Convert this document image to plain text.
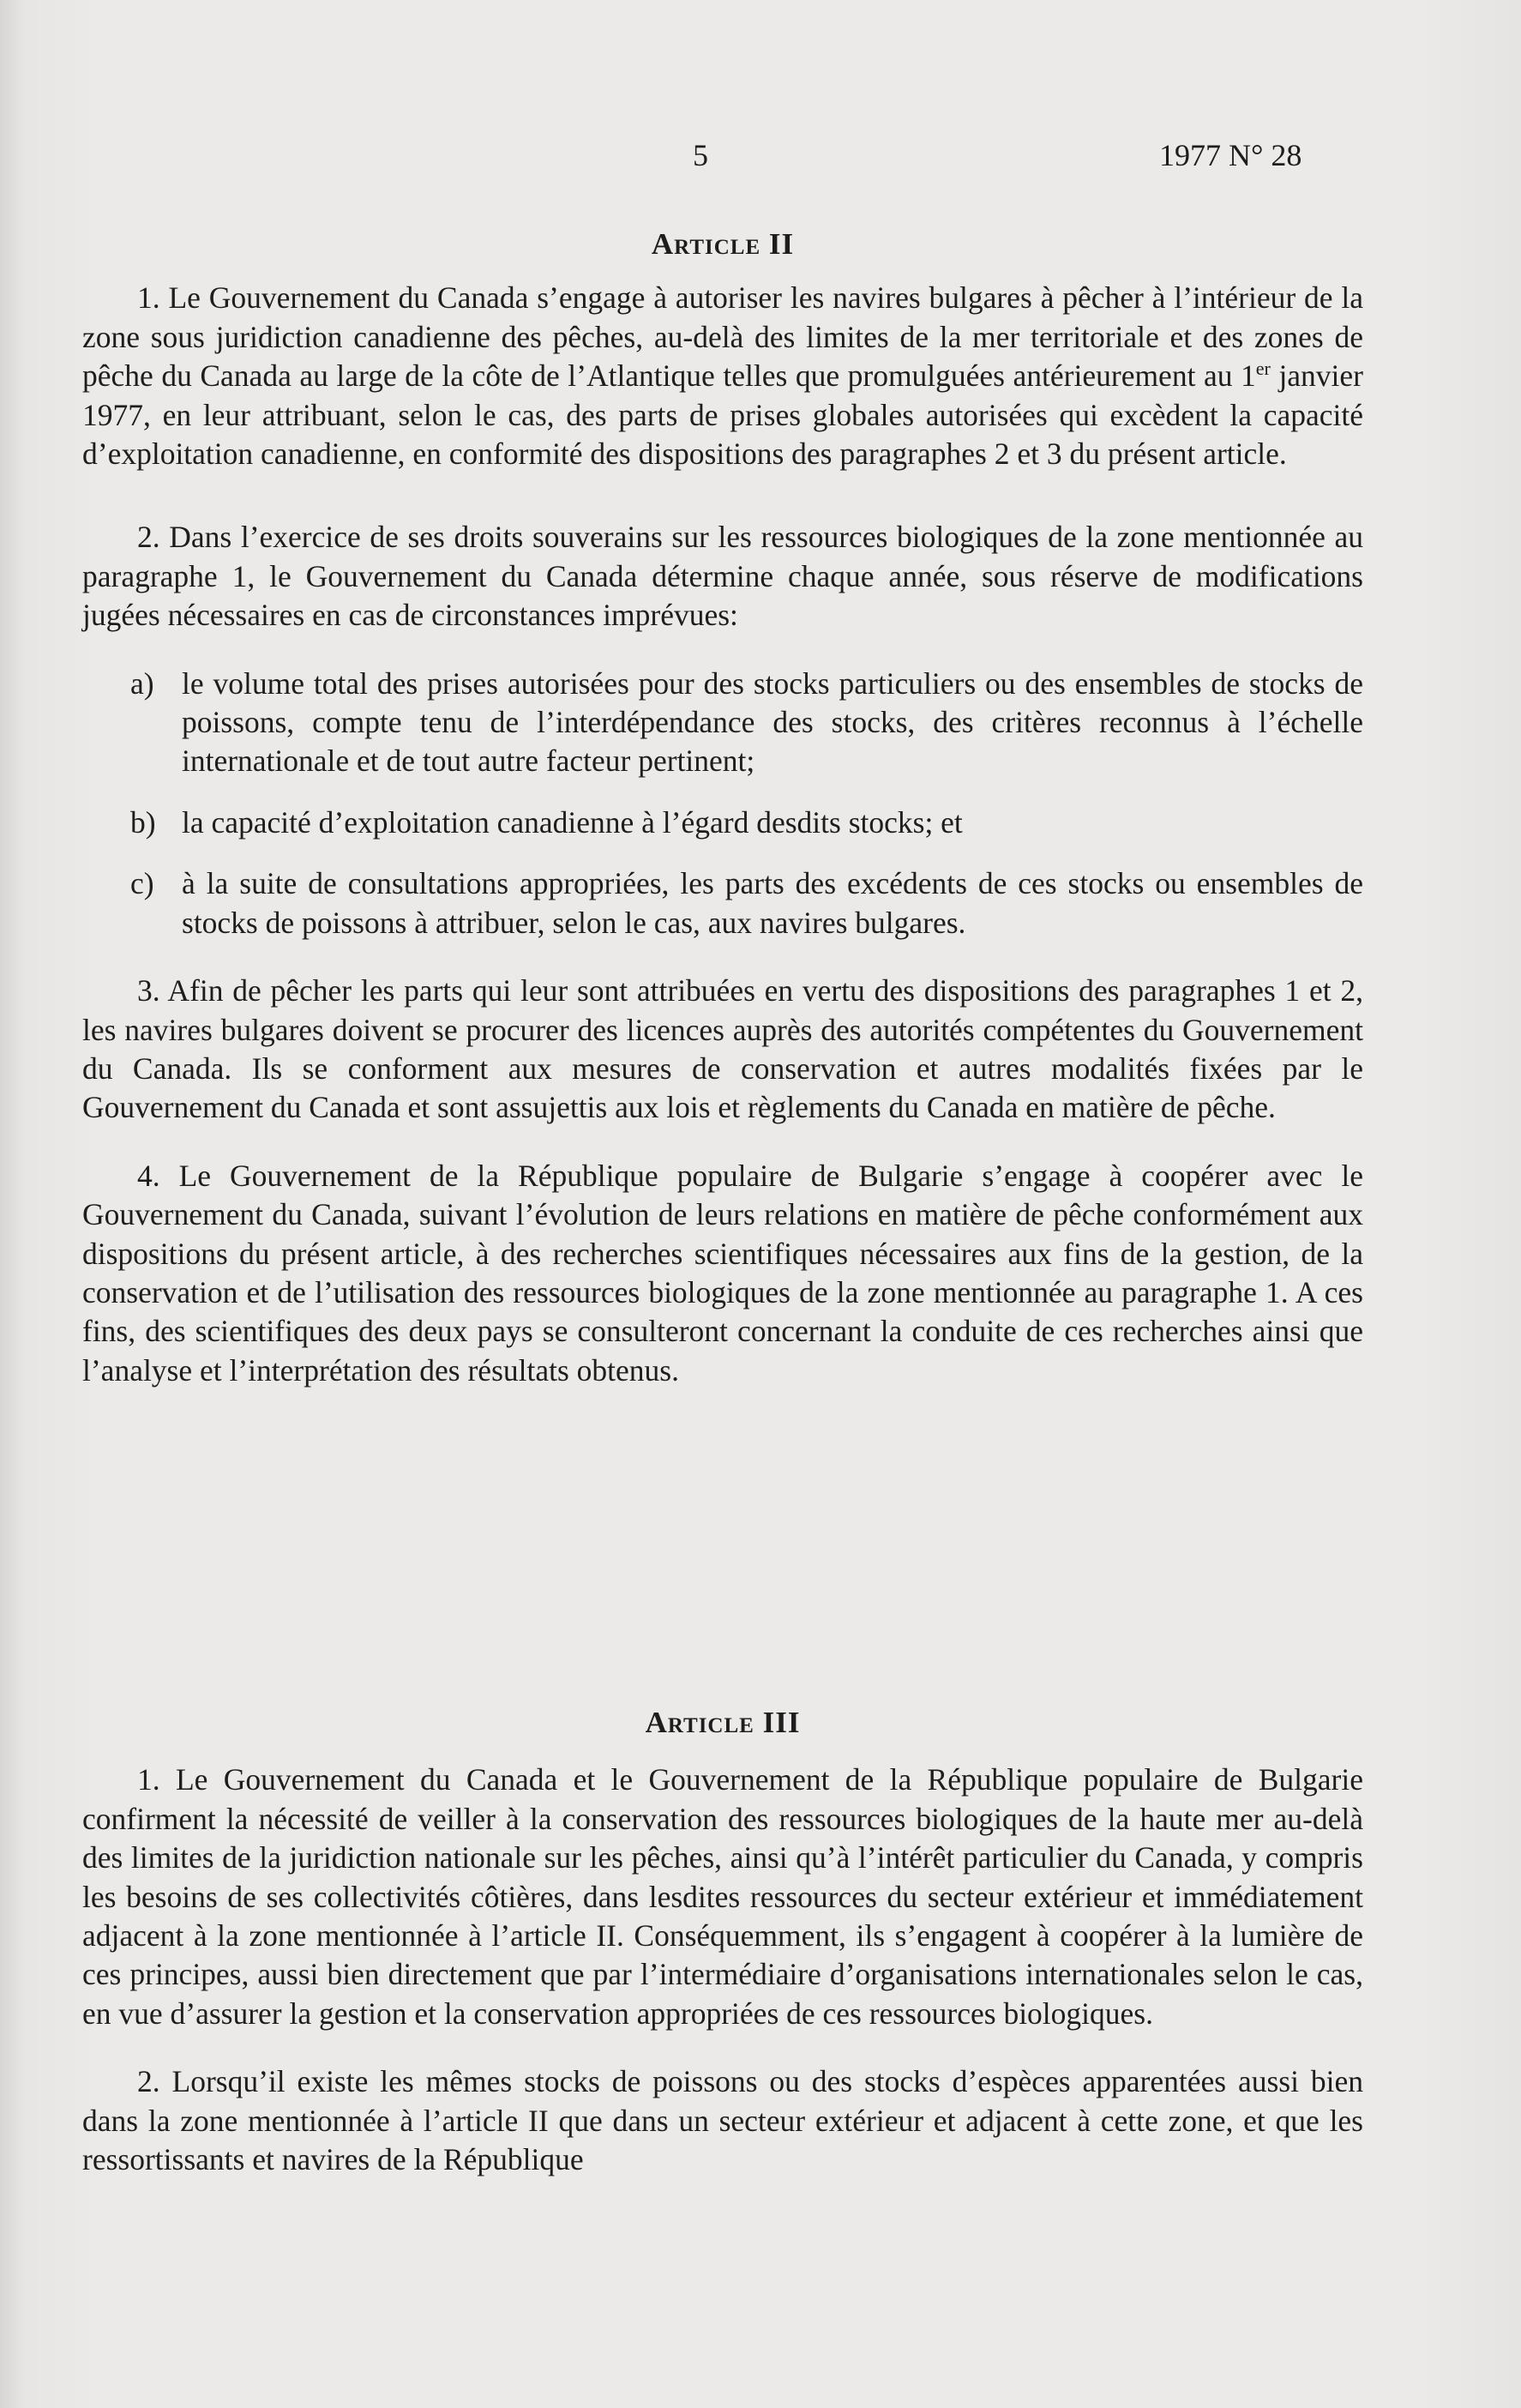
5	1977 N° 28
Article II

1. Le Gouvernement du Canada s’engage à autoriser les navires bulgares à pêcher à l’intérieur de la zone sous juridiction canadienne des pêches, au-delà des limites de la mer territoriale et des zones de pêche du Canada au large de la côte de l’Atlantique telles que promulguées antérieurement au 1er janvier 1977, en leur attribuant, selon le cas, des parts de prises globales autorisées qui excèdent la capacité d’exploitation canadienne, en conformité des dispositions des paragraphes 2 et 3 du présent article.

2. Dans l’exercice de ses droits souverains sur les ressources biologiques de la zone mentionnée au paragraphe 1, le Gouvernement du Canada détermine chaque année, sous réserve de modifications jugées nécessaires en cas de circonstances imprévues:

a) le volume total des prises autorisées pour des stocks particuliers ou des ensembles de stocks de poissons, compte tenu de l’interdépendance des stocks, des critères reconnus à l’échelle internationale et de tout autre facteur pertinent;
b) la capacité d’exploitation canadienne à l’égard desdits stocks; et
c) à la suite de consultations appropriées, les parts des excédents de ces stocks ou ensembles de stocks de poissons à attribuer, selon le cas, aux navires bulgares.

3. Afin de pêcher les parts qui leur sont attribuées en vertu des dispositions des paragraphes 1 et 2, les navires bulgares doivent se procurer des licences auprès des autorités compétentes du Gouvernement du Canada. Ils se conforment aux mesures de conservation et autres modalités fixées par le Gouvernement du Canada et sont assujettis aux lois et règlements du Canada en matière de pêche.

4. Le Gouvernement de la République populaire de Bulgarie s’engage à coopérer avec le Gouvernement du Canada, suivant l’évolution de leurs relations en matière de pêche conformément aux dispositions du présent article, à des recherches scientifiques nécessaires aux fins de la gestion, de la conservation et de l’utilisation des ressources biologiques de la zone mentionnée au paragraphe 1. A ces fins, des scientifiques des deux pays se consulteront concernant la conduite de ces recherches ainsi que l’analyse et l’interprétation des résultats obtenus.

Article III

1. Le Gouvernement du Canada et le Gouvernement de la République populaire de Bulgarie confirment la nécessité de veiller à la conservation des ressources biologiques de la haute mer au-delà des limites de la juridiction nationale sur les pêches, ainsi qu’à l’intérêt particulier du Canada, y compris les besoins de ses collectivités côtières, dans lesdites ressources du secteur extérieur et immédiatement adjacent à la zone mentionnée à l’article II. Conséquemment, ils s’engagent à coopérer à la lumière de ces principes, aussi bien directement que par l’intermédiaire d’organisations internationales selon le cas, en vue d’assurer la gestion et la conservation appropriées de ces ressources biologiques.

2. Lorsqu’il existe les mêmes stocks de poissons ou des stocks d’espèces apparentées aussi bien dans la zone mentionnée à l’article II que dans un secteur extérieur et adjacent à cette zone, et que les ressortissants et navires de la République
